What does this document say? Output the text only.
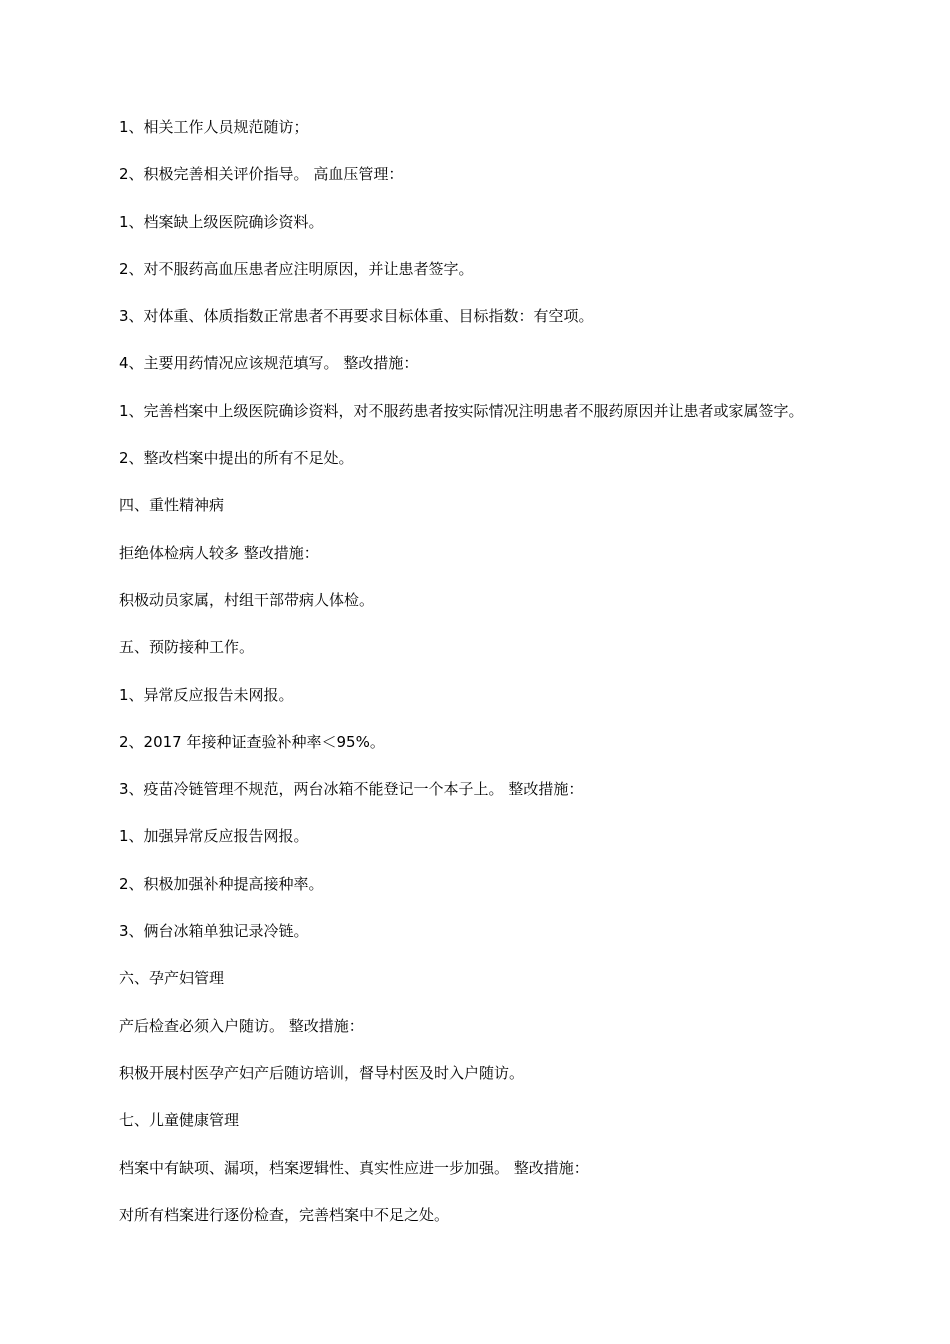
1、相关工作人员规范随访；

2、积极完善相关评价指导。 高血压管理：

1、档案缺上级医院确诊资料。

2、对不服药高血压患者应注明原因，并让患者签字。

3、对体重、体质指数正常患者不再要求目标体重、目标指数：有空项。

4、主要用药情况应该规范填写。 整改措施：

1、完善档案中上级医院确诊资料，对不服药患者按实际情况注明患者不服药原因并让患者或家属签字。

2、整改档案中提出的所有不足处。

四、重性精神病

拒绝体检病人较多 整改措施：

积极动员家属，村组干部带病人体检。

五、预防接种工作。

1、异常反应报告未网报。

2、2017 年接种证查验补种率＜95%。

3、疫苗冷链管理不规范，两台冰箱不能登记一个本子上。 整改措施：

1、加强异常反应报告网报。

2、积极加强补种提高接种率。

3、俩台冰箱单独记录冷链。

六、孕产妇管理

产后检查必须入户随访。 整改措施：

积极开展村医孕产妇产后随访培训，督导村医及时入户随访。

七、儿童健康管理

档案中有缺项、漏项，档案逻辑性、真实性应进一步加强。 整改措施：

对所有档案进行逐份检查，完善档案中不足之处。
